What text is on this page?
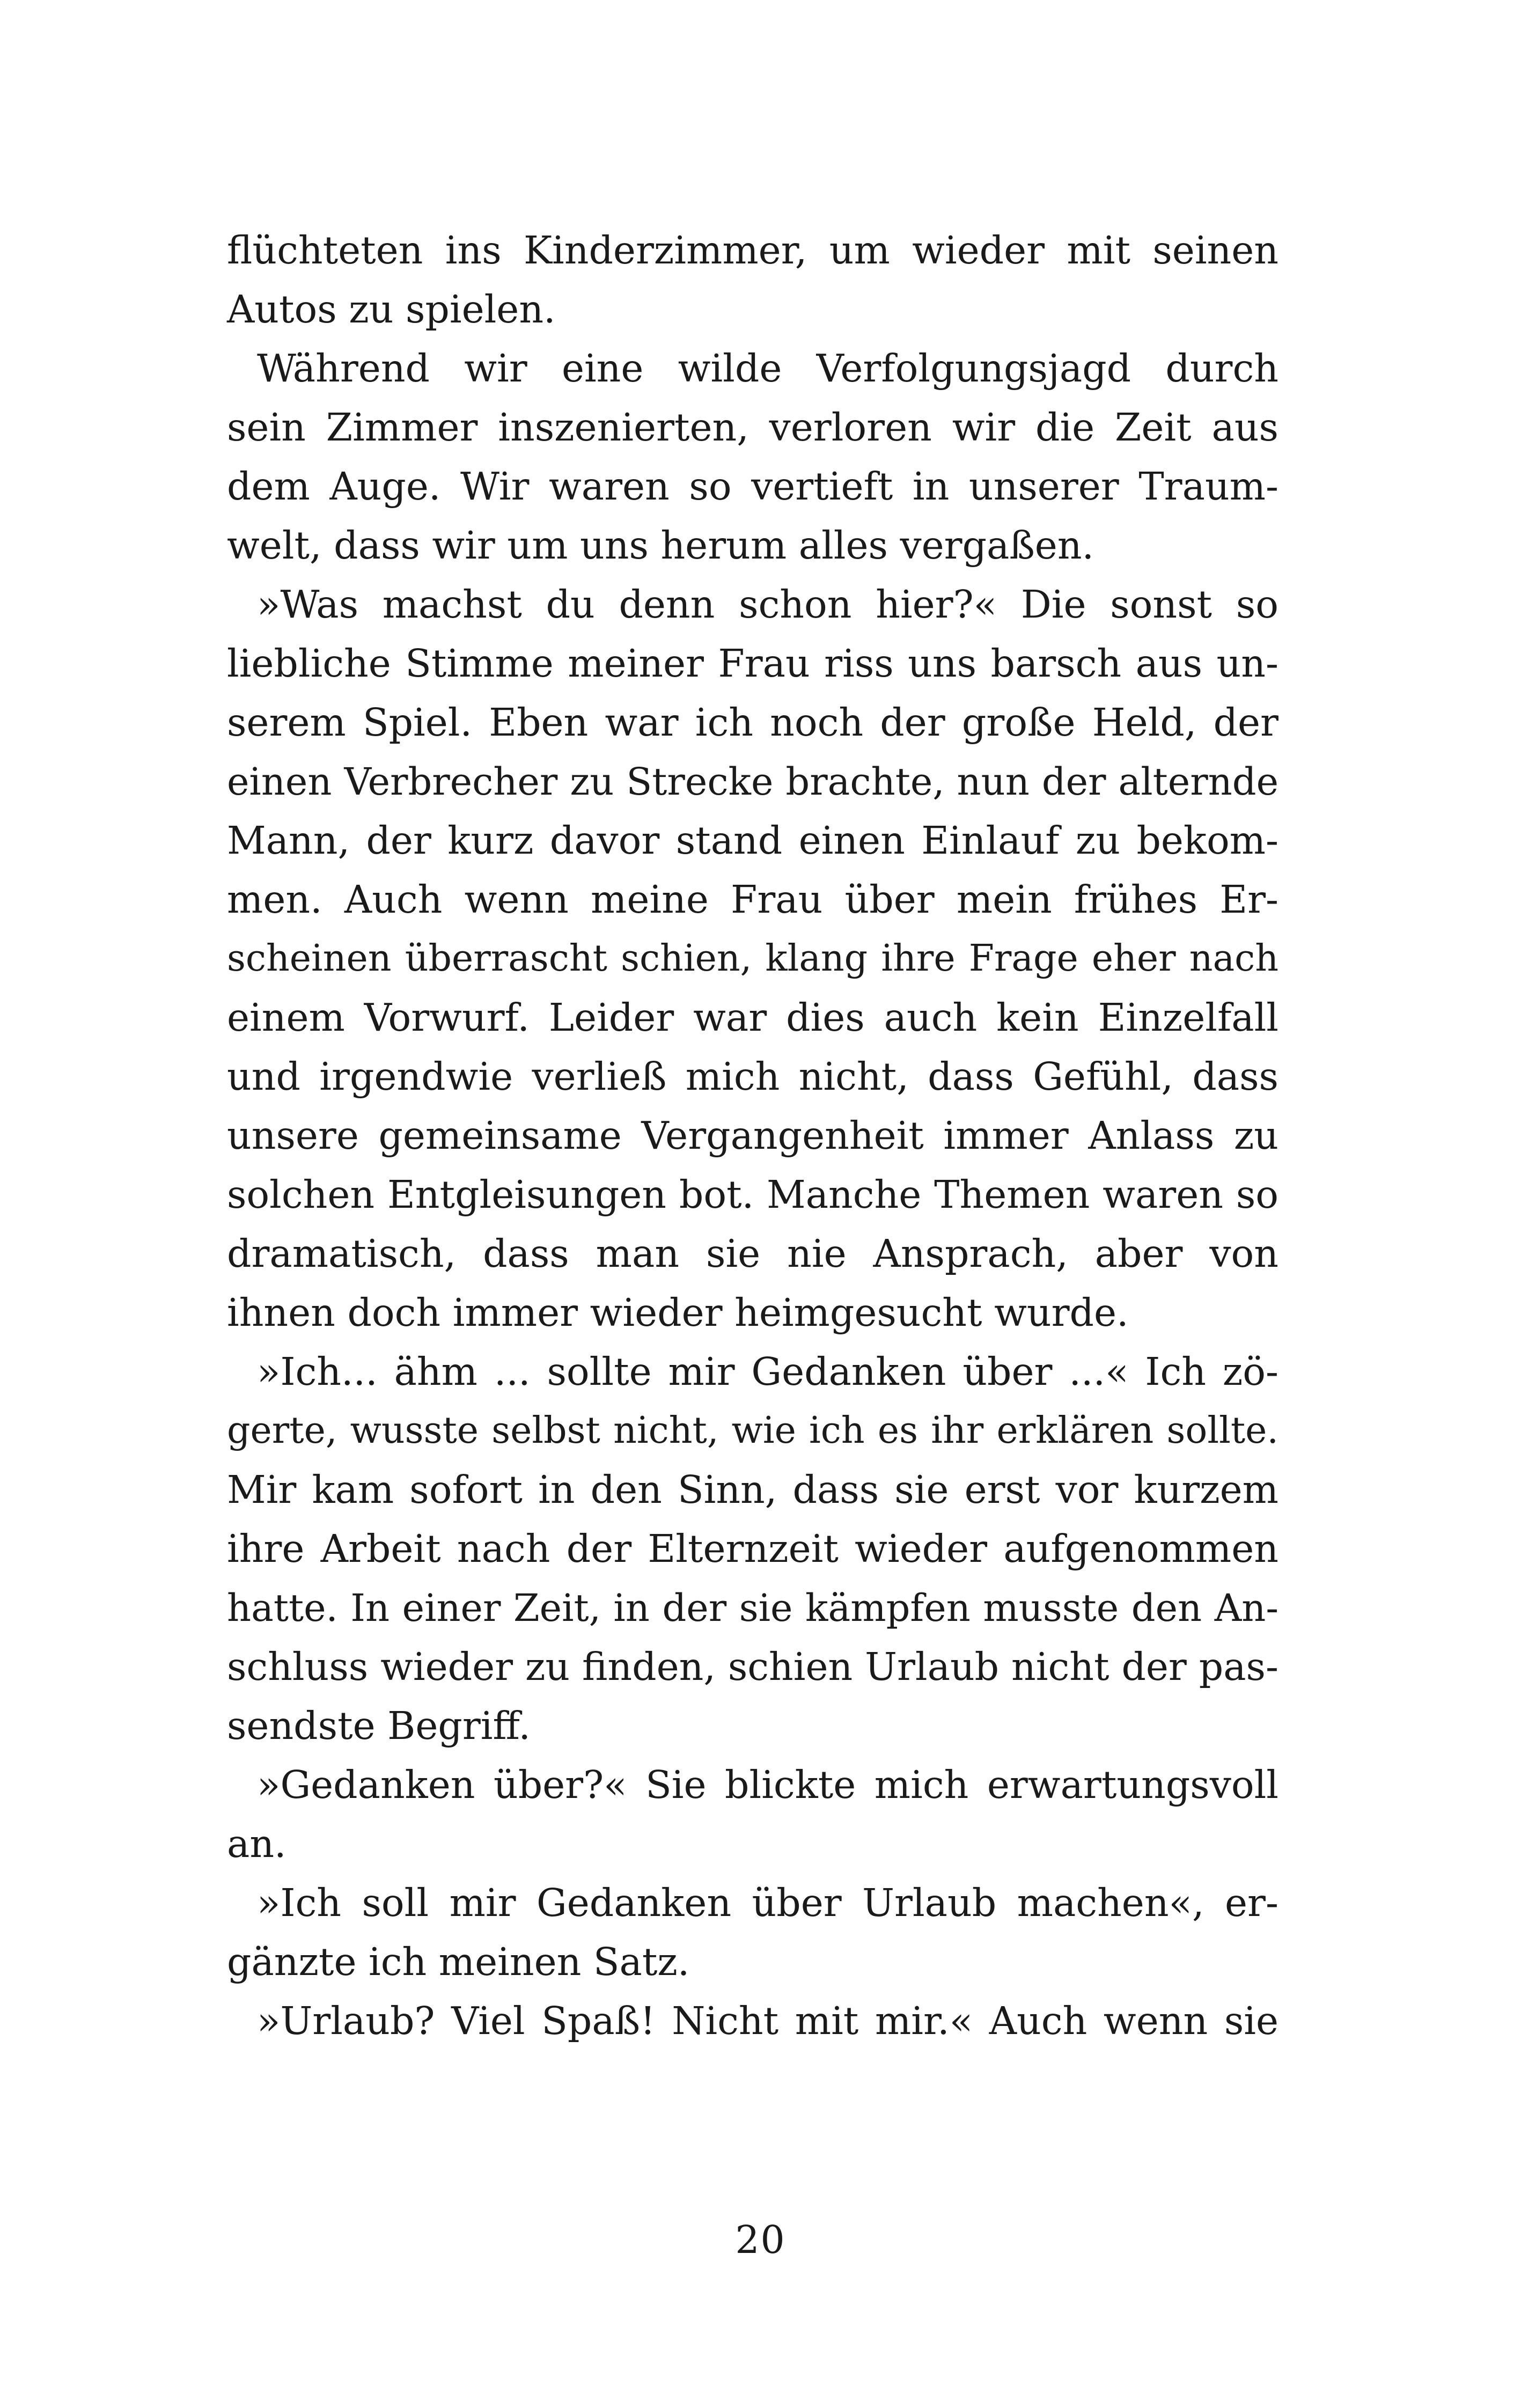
flüchteten ins Kinderzimmer, um wieder mit seinen
Autos zu spielen.
Während wir eine wilde Verfolgungsjagd durch
sein Zimmer inszenierten, verloren wir die Zeit aus
dem Auge. Wir waren so vertieft in unserer Traum-
welt, dass wir um uns herum alles vergaßen.
»Was machst du denn schon hier?« Die sonst so
liebliche Stimme meiner Frau riss uns barsch aus un-
serem Spiel. Eben war ich noch der große Held, der
einen Verbrecher zu Strecke brachte, nun der alternde
Mann, der kurz davor stand einen Einlauf zu bekom-
men. Auch wenn meine Frau über mein frühes Er-
scheinen überrascht schien, klang ihre Frage eher nach
einem Vorwurf. Leider war dies auch kein Einzelfall
und irgendwie verließ mich nicht, dass Gefühl, dass
unsere gemeinsame Vergangenheit immer Anlass zu
solchen Entgleisungen bot. Manche Themen waren so
dramatisch, dass man sie nie Ansprach, aber von
ihnen doch immer wieder heimgesucht wurde.
»Ich... ähm ... sollte mir Gedanken über ...« Ich zö-
gerte, wusste selbst nicht, wie ich es ihr erklären sollte.
Mir kam sofort in den Sinn, dass sie erst vor kurzem
ihre Arbeit nach der Elternzeit wieder aufgenommen
hatte. In einer Zeit, in der sie kämpfen musste den An-
schluss wieder zu finden, schien Urlaub nicht der pas-
sendste Begriff.
»Gedanken über?« Sie blickte mich erwartungsvoll
an.
»Ich soll mir Gedanken über Urlaub machen«, er-
gänzte ich meinen Satz.
»Urlaub? Viel Spaß! Nicht mit mir.« Auch wenn sie
20
